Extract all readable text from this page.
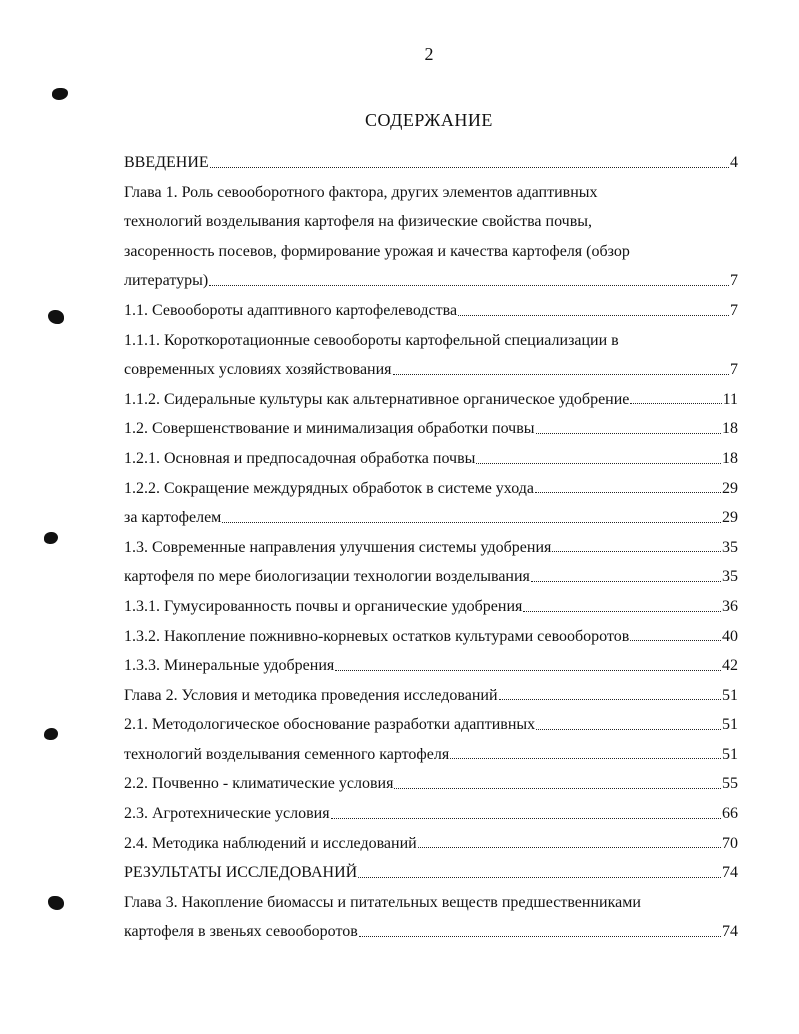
2
СОДЕРЖАНИЕ
ВВЕДЕНИЕ	4
Глава 1. Роль севооборотного фактора, других элементов адаптивных
технологий возделывания картофеля на физические свойства почвы,
засоренность посевов, формирование урожая и качества картофеля (обзор
литературы)	7
1.1. Севообороты адаптивного картофелеводства	7
1.1.1. Короткоротационные севообороты картофельной специализации в
современных условиях хозяйствования	7
1.1.2. Сидеральные культуры как альтернативное органическое удобрение	11
1.2. Совершенствование и минимализация обработки почвы	18
1.2.1. Основная и предпосадочная обработка почвы	18
1.2.2. Сокращение междурядных обработок в системе ухода	29
за картофелем	29
1.3. Современные направления улучшения системы удобрения	35
картофеля по мере биологизации технологии возделывания	35
1.3.1. Гумусированность почвы и органические удобрения	36
1.3.2. Накопление пожнивно-корневых остатков культурами севооборотов	40
1.3.3. Минеральные удобрения	42
Глава 2. Условия и методика проведения исследований	51
2.1. Методологическое обоснование разработки адаптивных	51
технологий возделывания семенного картофеля	51
2.2. Почвенно - климатические условия	55
2.3. Агротехнические условия	66
2.4. Методика наблюдений и исследований	70
РЕЗУЛЬТАТЫ ИССЛЕДОВАНИЙ	74
Глава 3. Накопление биомассы и питательных веществ предшественниками
картофеля в звеньях севооборотов	74
